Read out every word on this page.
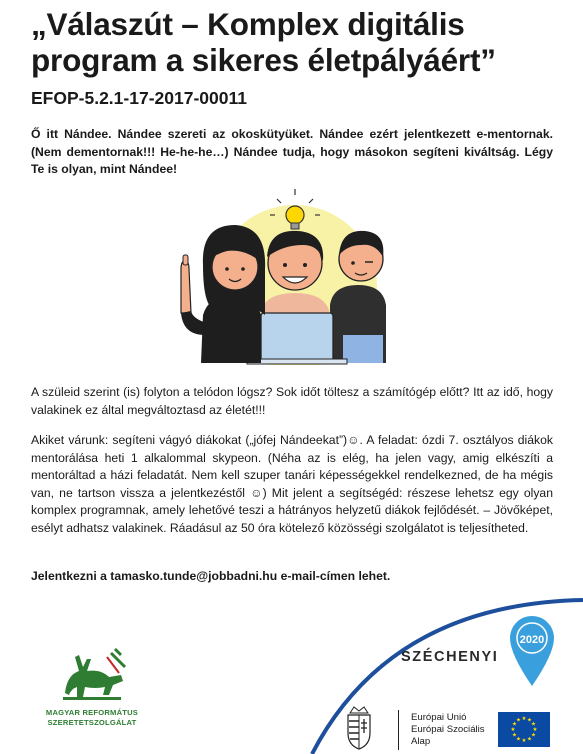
„Válaszút – Komplex digitális program a sikeres életpályáért”
EFOP-5.2.1-17-2017-00011

Ő itt Nándee. Nándee szereti az okoskütyüket. Nándee ezért jelentkezett e-mentornak. (Nem dementornak!!! He-he-he…) Nándee tudja, hogy másokon segíteni kiváltság. Légy Te is olyan, mint Nándee!

A szüleid szerint (is) folyton a telódon lógsz? Sok időt töltesz a számítógép előtt? Itt az idő, hogy valakinek ez által megváltoztasd az életét!!!

Akiket várunk: segíteni vágyó diákokat („jófej Nándeekat”)☺. A feladat: ózdi 7. osztályos diákok mentorálása heti 1 alkalommal skypeon. (Néha az is elég, ha jelen vagy, amig elkészíti a mentoráltad a házi feladatát. Nem kell szuper tanári képességekkel rendelkezned, de ha mégis van, ne tartson vissza a jelentkezéstől ☺) Mit jelent a segítségéd: részese lehetsz egy olyan komplex programnak, amely lehetővé teszi a hátrányos helyzetű diákok fejlődését. – Jövőképet, esélyt adhatsz valakinek. Ráadásul az 50 óra kötelező közösségi szolgálatot is teljesítheted.

Jelentkezni a tamasko.tunde@jobbadni.hu e-mail-címen lehet.

MAGYAR REFORMÁTUS
SZERETETSZOLGÁLAT
SZÉCHENYI
2020
Európai Unió
Európai Szociális
Alap
★ ★
★
★
★
★
★
★
★
★
★
★
